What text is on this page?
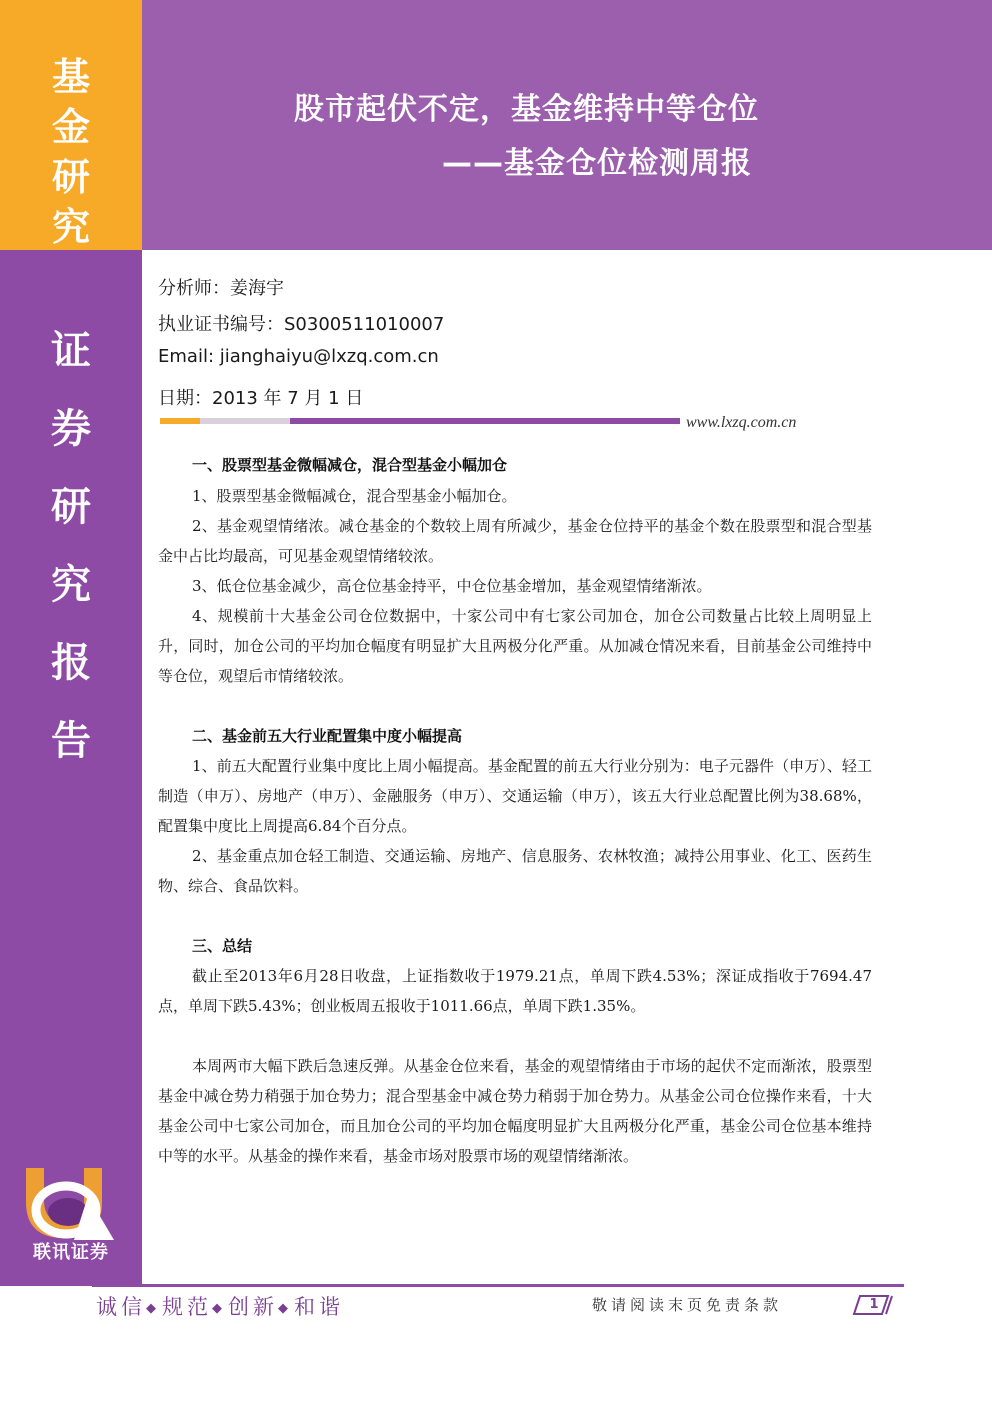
基
金
研
究
股市起伏不定，基金维持中等仓位
——基金仓位检测周报
证
券
研
究
报
告
联讯证券
分析师：姜海宇
执业证书编号：S0300511010007
Email: jianghaiyu@lxzq.com.cn
日期：2013 年 7 月 1 日
www.lxzq.com.cn
一、股票型基金微幅减仓，混合型基金小幅加仓
1、股票型基金微幅减仓，混合型基金小幅加仓。
2、基金观望情绪浓。减仓基金的个数较上周有所减少，基金仓位持平的基金个数在股票型和混合型基金中占比均最高，可见基金观望情绪较浓。
3、低仓位基金减少，高仓位基金持平，中仓位基金增加，基金观望情绪渐浓。
4、规模前十大基金公司仓位数据中，十家公司中有七家公司加仓，加仓公司数量占比较上周明显上升，同时，加仓公司的平均加仓幅度有明显扩大且两极分化严重。从加减仓情况来看，目前基金公司维持中等仓位，观望后市情绪较浓。
二、基金前五大行业配置集中度小幅提高
1、前五大配置行业集中度比上周小幅提高。基金配置的前五大行业分别为：电子元器件（申万）、轻工制造（申万）、房地产（申万）、金融服务（申万）、交通运输（申万），该五大行业总配置比例为38.68%，配置集中度比上周提高6.84个百分点。
2、基金重点加仓轻工制造、交通运输、房地产、信息服务、农林牧渔；减持公用事业、化工、医药生物、综合、食品饮料。
三、总结
截止至2013年6月28日收盘，上证指数收于1979.21点，单周下跌4.53%；深证成指收于7694.47点，单周下跌5.43%；创业板周五报收于1011.66点，单周下跌1.35%。
本周两市大幅下跌后急速反弹。从基金仓位来看，基金的观望情绪由于市场的起伏不定而渐浓，股票型基金中减仓势力稍强于加仓势力；混合型基金中减仓势力稍弱于加仓势力。从基金公司仓位操作来看，十大基金公司中七家公司加仓，而且加仓公司的平均加仓幅度明显扩大且两极分化严重，基金公司仓位基本维持中等的水平。从基金的操作来看，基金市场对股票市场的观望情绪渐浓。
诚信◆规范◆创新◆和谐	敬请阅读末页免责条款	1
